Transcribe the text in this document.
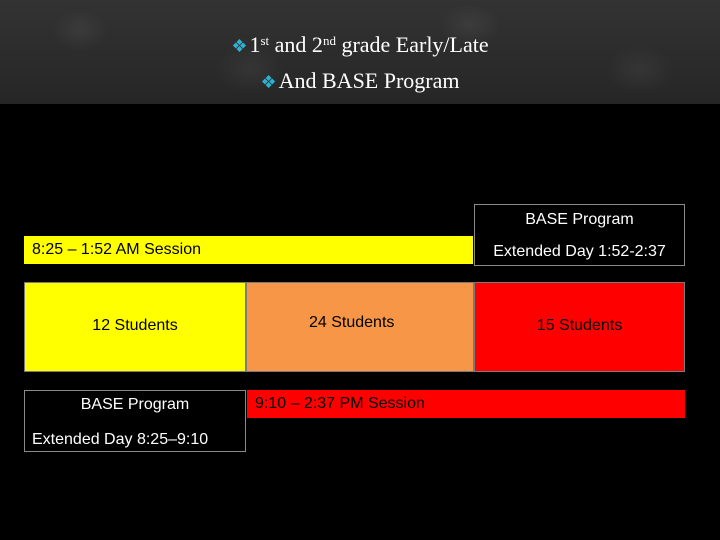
❖1st and 2nd grade Early/Late
❖And BASE Program
BASE Program
Extended Day 1:52-2:37
8:25 – 1:52 AM Session
12 Students	24 Students	15 Students
BASE Program
Extended Day 8:25–9:10
9:10 – 2:37 PM Session
